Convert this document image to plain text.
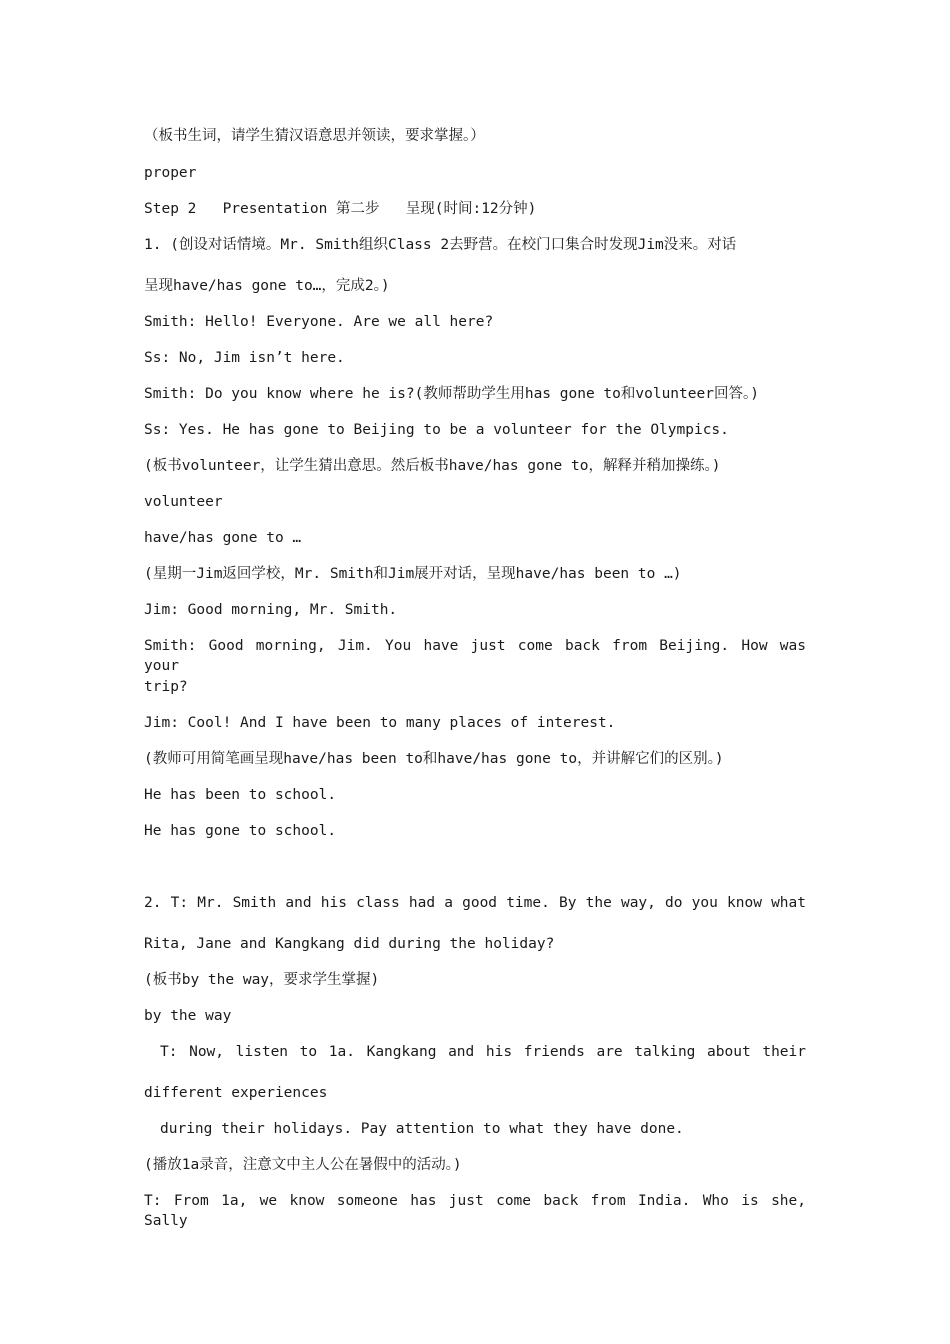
（板书生词，请学生猜汉语意思并领读，要求掌握。）
proper
Step 2   Presentation 第二步   呈现(时间:12分钟)
1. (创设对话情境。Mr. Smith组织Class 2去野营。在校门口集合时发现Jim没来。对话
呈现have/has gone to…，完成2。)
Smith: Hello! Everyone. Are we all here?
Ss: No, Jim isn’t here.
Smith: Do you know where he is?(教师帮助学生用has gone to和volunteer回答。)
Ss: Yes. He has gone to Beijing to be a volunteer for the Olympics.
(板书volunteer，让学生猜出意思。然后板书have/has gone to，解释并稍加操练。)
volunteer
have/has gone to …
(星期一Jim返回学校，Mr. Smith和Jim展开对话，呈现have/has been to …)
Jim: Good morning, Mr. Smith.
Smith: Good morning, Jim. You have just come back from Beijing. How was your
trip?
Jim: Cool! And I have been to many places of interest.
(教师可用简笔画呈现have/has been to和have/has gone to，并讲解它们的区别。)
He has been to school.
He has gone to school.
2. T: Mr. Smith and his class had a good time. By the way, do you know what
Rita, Jane and Kangkang did during the holiday?
(板书by the way，要求学生掌握)
by the way
T: Now, listen to 1a. Kangkang and his friends are talking about their
different experiences
during their holidays. Pay attention to what they have done.
(播放1a录音，注意文中主人公在暑假中的活动。)
T: From 1a, we know someone has just come back from India. Who is she, Sally
